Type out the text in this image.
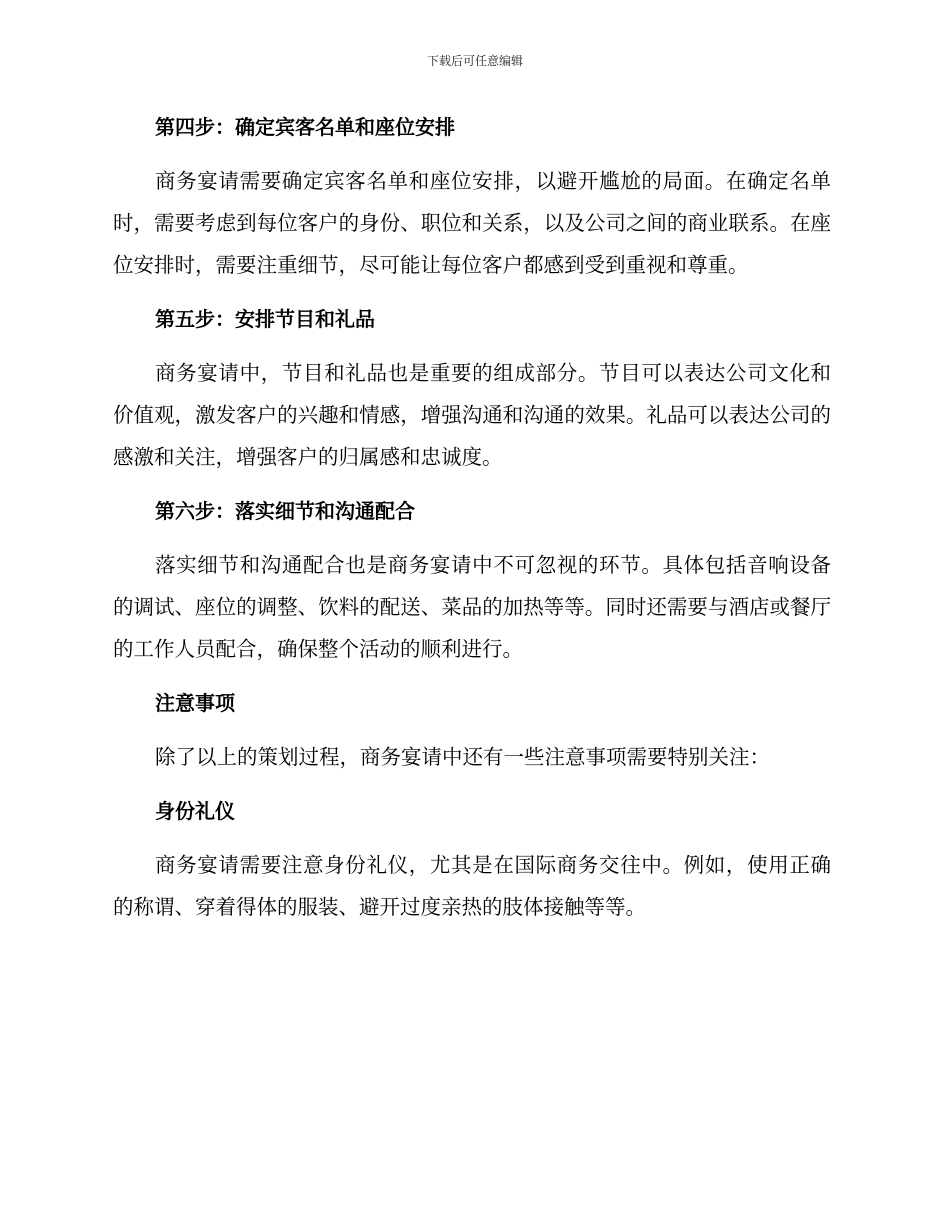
下载后可任意编辑

第四步：确定宾客名单和座位安排

商务宴请需要确定宾客名单和座位安排，以避开尴尬的局面。在确定名单时，需要考虑到每位客户的身份、职位和关系，以及公司之间的商业联系。在座位安排时，需要注重细节，尽可能让每位客户都感到受到重视和尊重。

第五步：安排节目和礼品

商务宴请中，节目和礼品也是重要的组成部分。节目可以表达公司文化和价值观，激发客户的兴趣和情感，增强沟通和沟通的效果。礼品可以表达公司的感激和关注，增强客户的归属感和忠诚度。

第六步：落实细节和沟通配合

落实细节和沟通配合也是商务宴请中不可忽视的环节。具体包括音响设备的调试、座位的调整、饮料的配送、菜品的加热等等。同时还需要与酒店或餐厅的工作人员配合，确保整个活动的顺利进行。

注意事项

除了以上的策划过程，商务宴请中还有一些注意事项需要特别关注：

身份礼仪

商务宴请需要注意身份礼仪，尤其是在国际商务交往中。例如，使用正确的称谓、穿着得体的服装、避开过度亲热的肢体接触等等。
